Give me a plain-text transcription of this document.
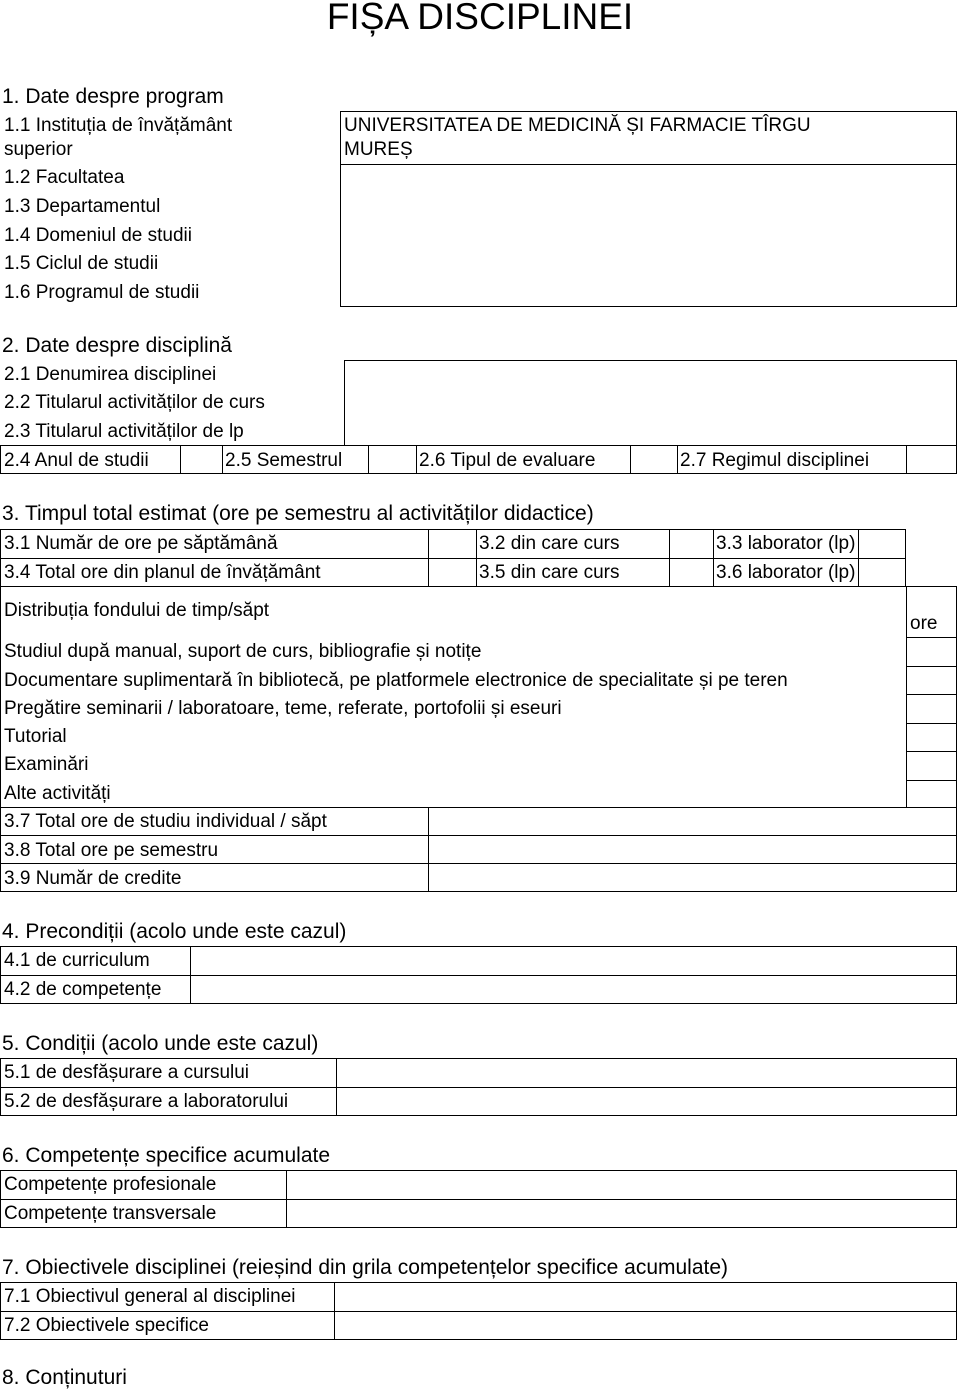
FIȘA DISCIPLINEI
1. Date despre program
1.1 Instituția de învățământ
superior
UNIVERSITATEA DE MEDICINĂ ȘI FARMACIE TÎRGU
MUREȘ
1.2 Facultatea
1.3 Departamentul
1.4 Domeniul de studii
1.5 Ciclul de studii
1.6 Programul de studii
2. Date despre disciplină
2.1 Denumirea disciplinei
2.2 Titularul activităților de curs
2.3 Titularul activităților de lp
2.4 Anul de studii	2.5 Semestrul	2.6 Tipul de evaluare	2.7 Regimul disciplinei
3. Timpul total estimat (ore pe semestru al activităților didactice)
3.1 Număr de ore pe săptămână	3.2 din care curs	3.3 laborator (lp)
3.4 Total ore din planul de învățământ	3.5 din care curs	3.6 laborator (lp)
Distribuția fondului de timp/săpt
ore
Studiul după manual, suport de curs, bibliografie și notițe
Documentare suplimentară în bibliotecă, pe platformele electronice de specialitate și pe teren
Pregătire seminarii / laboratoare, teme, referate, portofolii și eseuri
Tutorial
Examinări
Alte activități
3.7 Total ore de studiu individual / săpt
3.8 Total ore pe semestru
3.9 Număr de credite
4. Precondiții (acolo unde este cazul)
4.1 de curriculum
4.2 de competențe
5. Condiții (acolo unde este cazul)
5.1 de desfășurare a cursului
5.2 de desfășurare a laboratorului
6. Competențe specifice acumulate
Competențe profesionale
Competențe transversale
7. Obiectivele disciplinei (reieșind din grila competențelor specifice acumulate)
7.1 Obiectivul general al disciplinei
7.2 Obiectivele specifice
8. Conținuturi
